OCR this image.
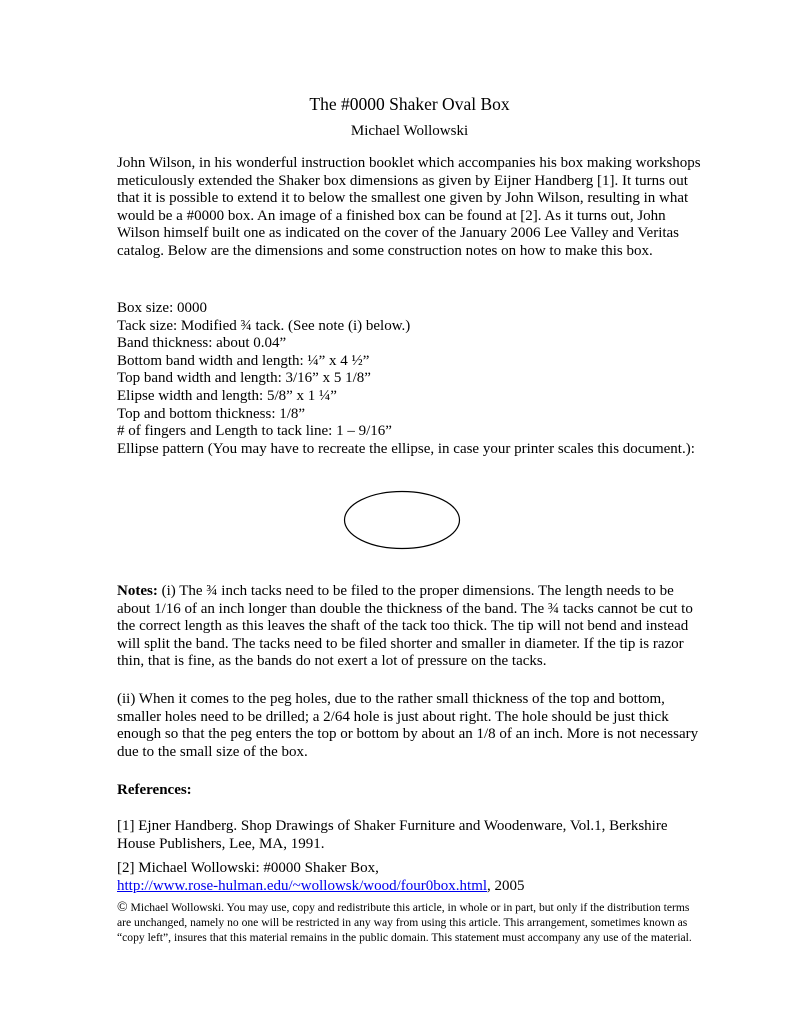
The #0000 Shaker Oval Box
Michael Wollowski

John Wilson, in his wonderful instruction booklet which accompanies his box making workshops meticulously extended the Shaker box dimensions as given by Eijner Handberg [1]. It turns out that it is possible to extend it to below the smallest one given by John Wilson, resulting in what would be a #0000 box. An image of a finished box can be found at [2]. As it turns out, John Wilson himself built one as indicated on the cover of the January 2006 Lee Valley and Veritas catalog. Below are the dimensions and some construction notes on how to make this box.

Box size: 0000
Tack size: Modified ¾ tack. (See note (i) below.)
Band thickness: about 0.04”
Bottom band width and length: ¼” x 4 ½”
Top band width and length: 3/16” x 5 1/8”
Elipse width and length: 5/8” x 1 ¼”
Top and bottom thickness: 1/8”
# of fingers and Length to tack line: 1 – 9/16”
Ellipse pattern (You may have to recreate the ellipse, in case your printer scales this document.):

Notes: (i) The ¾ inch tacks need to be filed to the proper dimensions. The length needs to be about 1/16 of an inch longer than double the thickness of the band. The ¾ tacks cannot be cut to the correct length as this leaves the shaft of the tack too thick. The tip will not bend and instead will split the band. The tacks need to be filed shorter and smaller in diameter. If the tip is razor thin, that is fine, as the bands do not exert a lot of pressure on the tacks.

(ii) When it comes to the peg holes, due to the rather small thickness of the top and bottom, smaller holes need to be drilled; a 2/64 hole is just about right. The hole should be just thick enough so that the peg enters the top or bottom by about an 1/8 of an inch. More is not necessary due to the small size of the box.

References:

[1] Ejner Handberg. Shop Drawings of Shaker Furniture and Woodenware, Vol.1, Berkshire House Publishers, Lee, MA, 1991.

[2] Michael Wollowski: #0000 Shaker Box,
http://www.rose-hulman.edu/~wollowsk/wood/four0box.html, 2005

© Michael Wollowski. You may use, copy and redistribute this article, in whole or in part, but only if the distribution terms are unchanged, namely no one will be restricted in any way from using this article. This arrangement, sometimes known as “copy left”, insures that this material remains in the public domain. This statement must accompany any use of the material.
